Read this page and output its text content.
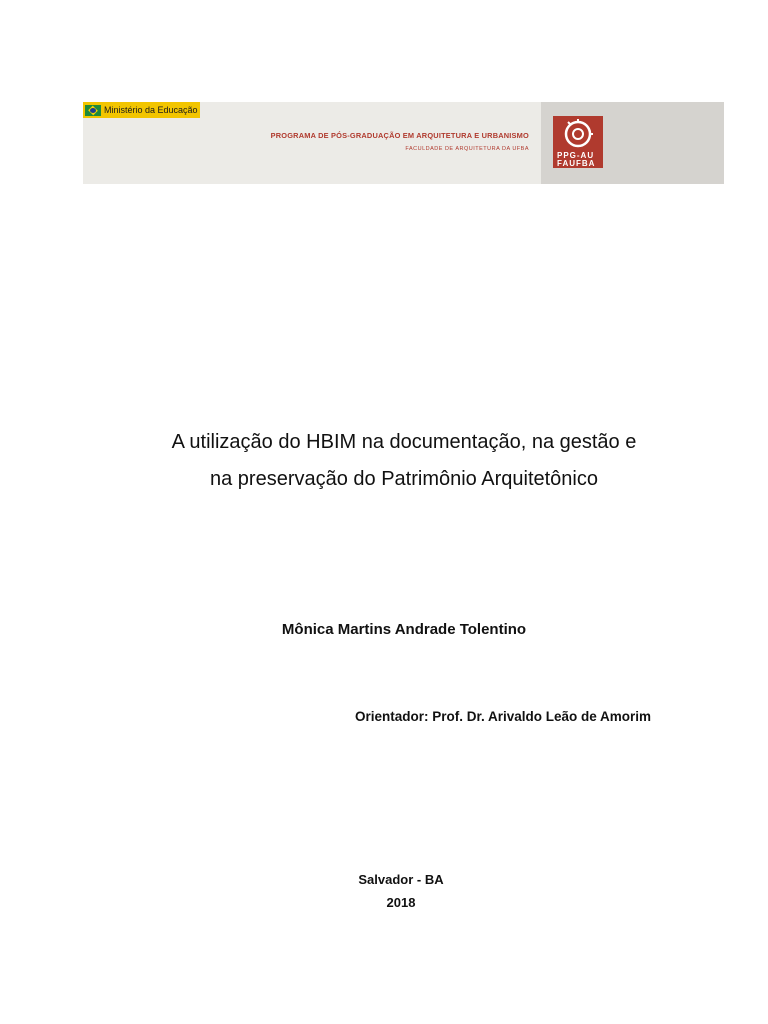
Ministério da Educação
PROGRAMA DE PÓS-GRADUAÇÃO EM ARQUITETURA E URBANISMO
FACULDADE DE ARQUITETURA DA UFBA
PPG-AU
FAUFBA
A utilização do HBIM na documentação, na gestão e
na preservação do Patrimônio Arquitetônico
Mônica Martins Andrade Tolentino
Orientador: Prof. Dr. Arivaldo Leão de Amorim
Salvador - BA
2018
